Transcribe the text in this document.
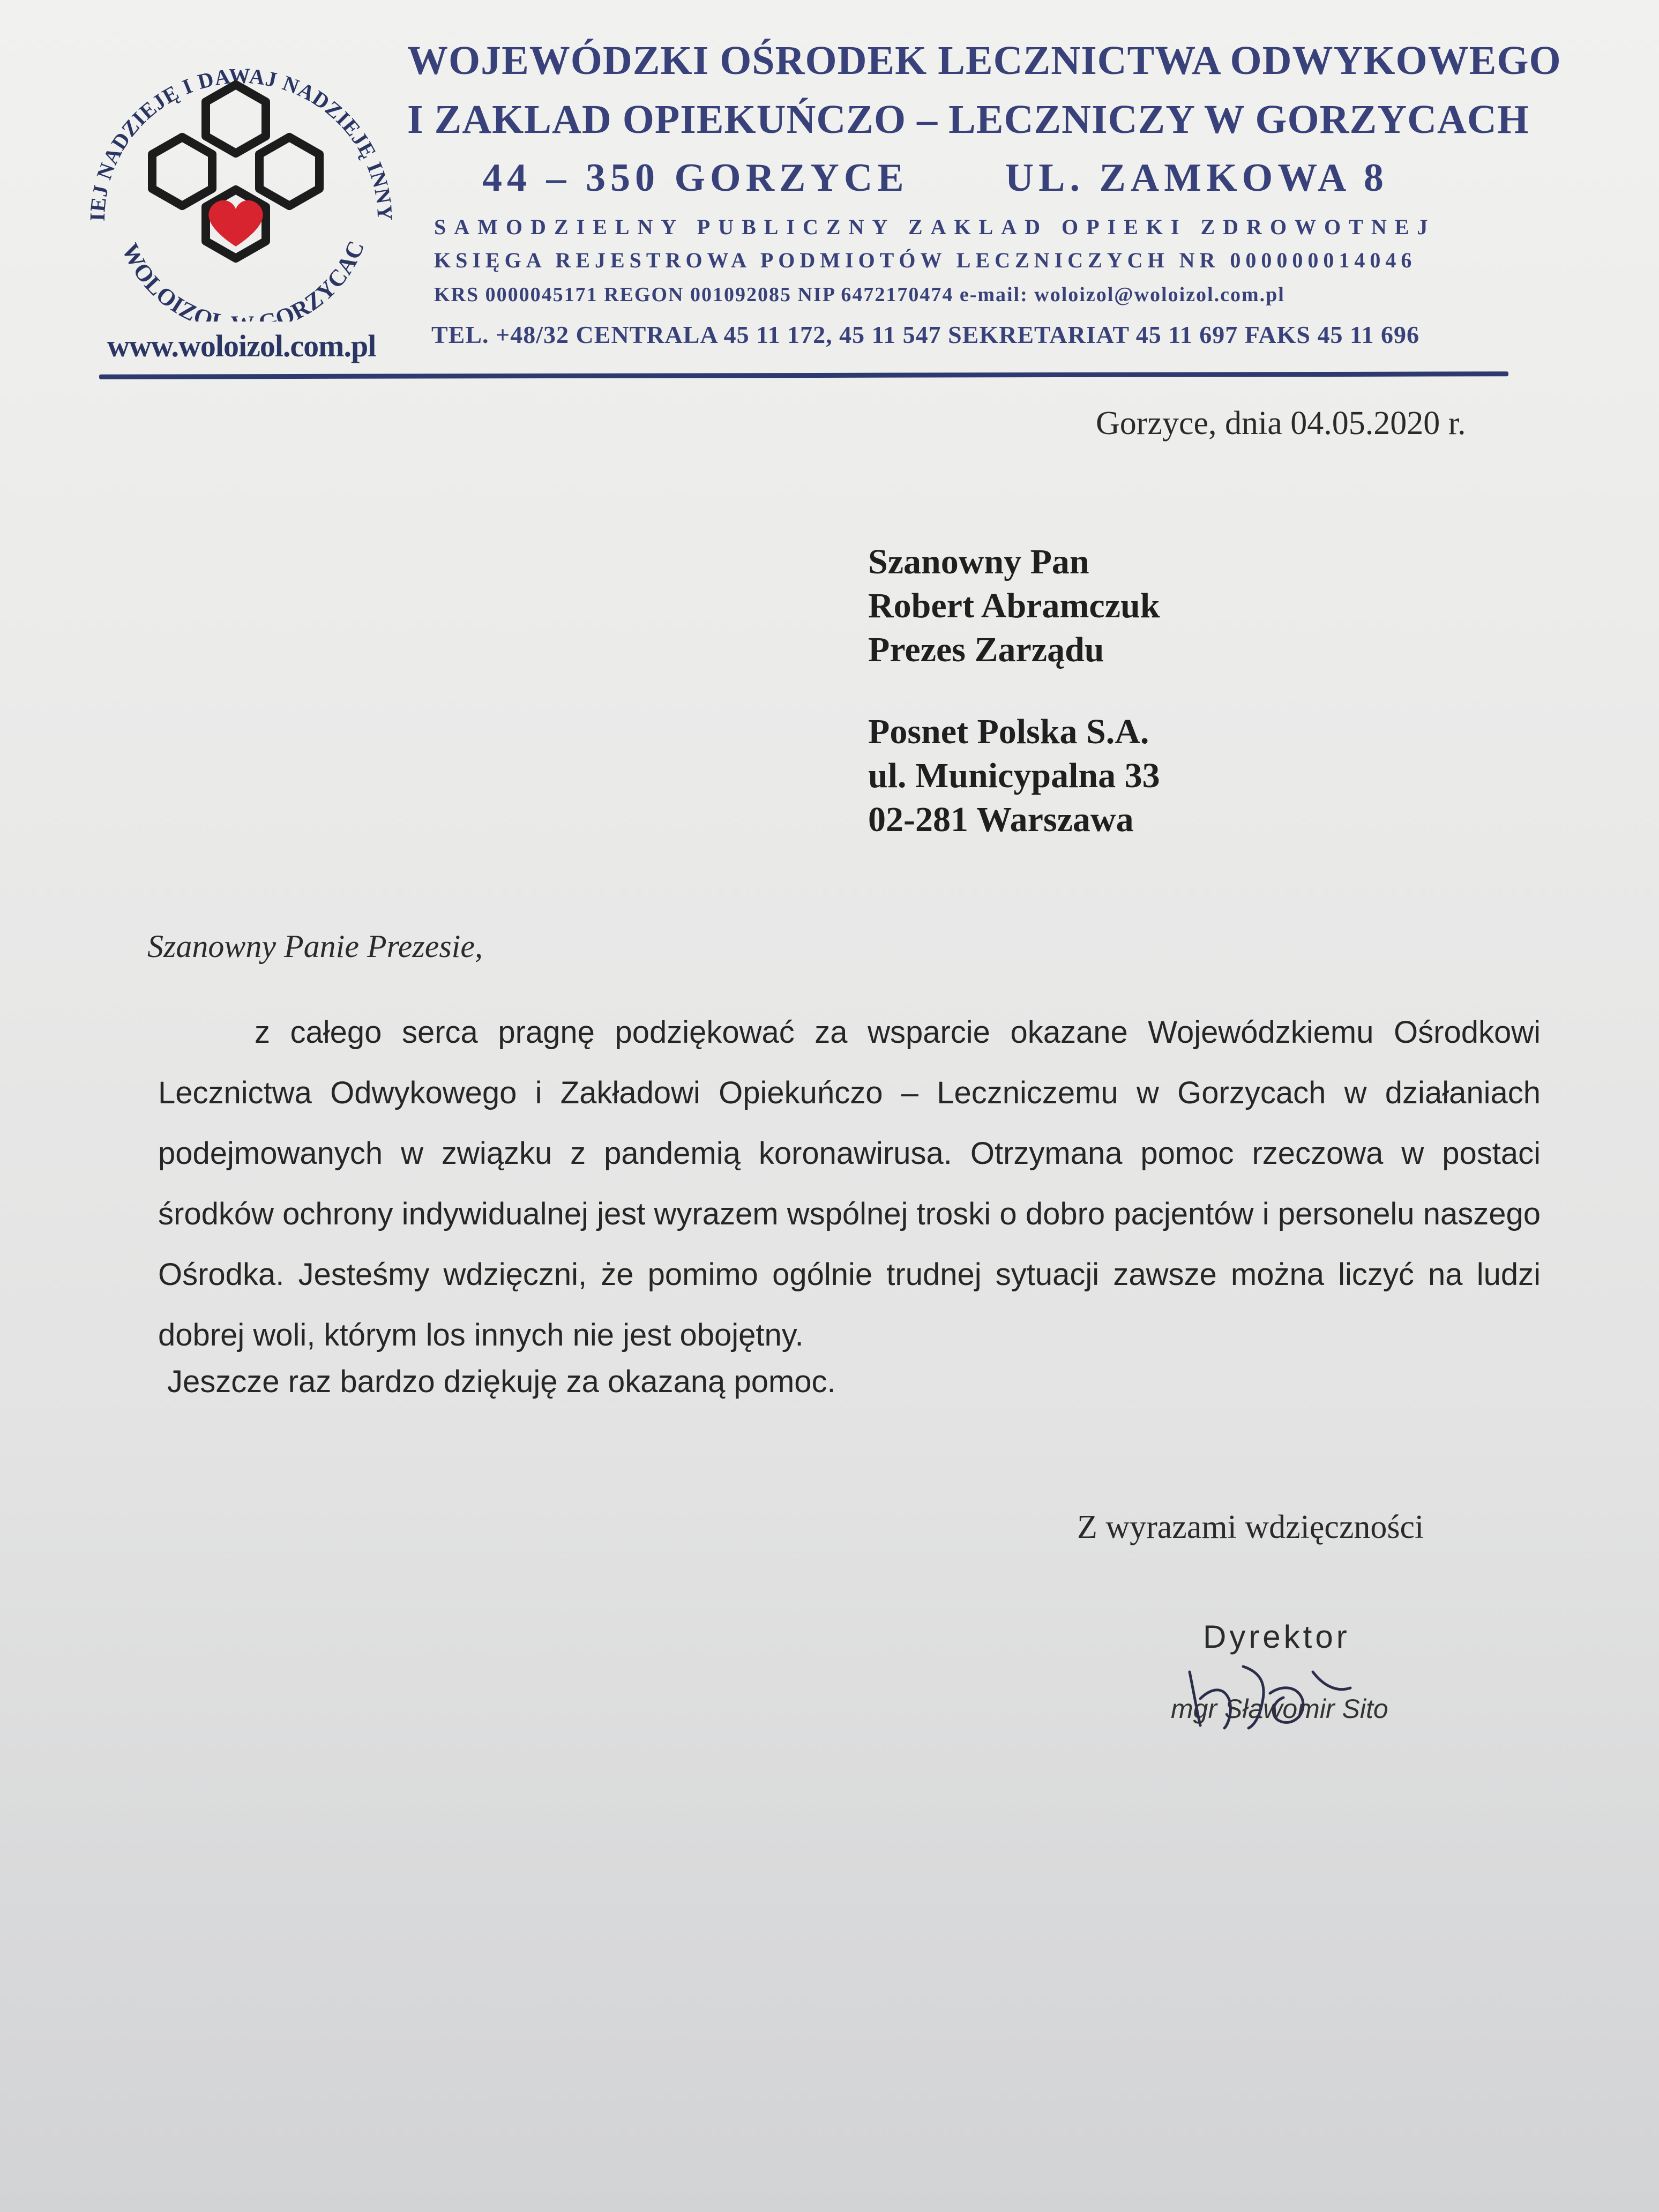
IEJ NADZIEJĘ I DAWAJ NADZIEJĘ INNY
WOLOIZO GORZYCAC
www.woloizol.com.pl
WOJEWÓDZKI OŚRODEK LECZNICTWA ODWYKOWEGO
I ZAKLAD OPIEKUŃCZO – LECZNICZY W GORZYCACH
44 – 350 GORZYCE UL. ZAMKOWA 8
SAMODZIELNY PUBLICZNY ZAKLAD OPIEKI ZDROWOTNEJ
KSIĘGA REJESTROWA PODMIOTÓW LECZNICZYCH NR 000000014046
KRS 0000045171 REGON 001092085 NIP 6472170474 e-mail: woloizol@woloizol.com.pl
TEL. +48/32 CENTRALA 45 11 172, 45 11 547 SEKRETARIAT 45 11 697 FAKS 45 11 696
Gorzyce, dnia 04.05.2020 r.
Szanowny Pan
Robert Abramczuk
Prezes Zarządu
Posnet Polska S.A.
ul. Municypalna 33
02-281 Warszawa
Szanowny Panie Prezesie,
z całego serca pragnę podziękować za wsparcie okazane Wojewódzkiemu Ośrodkowi Lecznictwa Odwykowego i Zakładowi Opiekuńczo – Leczniczemu w Gorzycach w działaniach podejmowanych w związku z pandemią koronawirusa. Otrzymana pomoc rzeczowa w postaci środków ochrony indywidualnej jest wyrazem wspólnej troski o dobro pacjentów i personelu naszego Ośrodka. Jesteśmy wdzięczni, że pomimo ogólnie trudnej sytuacji zawsze można liczyć na ludzi dobrej woli, którym los innych nie jest obojętny.
Jeszcze raz bardzo dziękuję za okazaną pomoc.
Z wyrazami wdzięczności
Dyrektor
mgr Sławomir Sito
